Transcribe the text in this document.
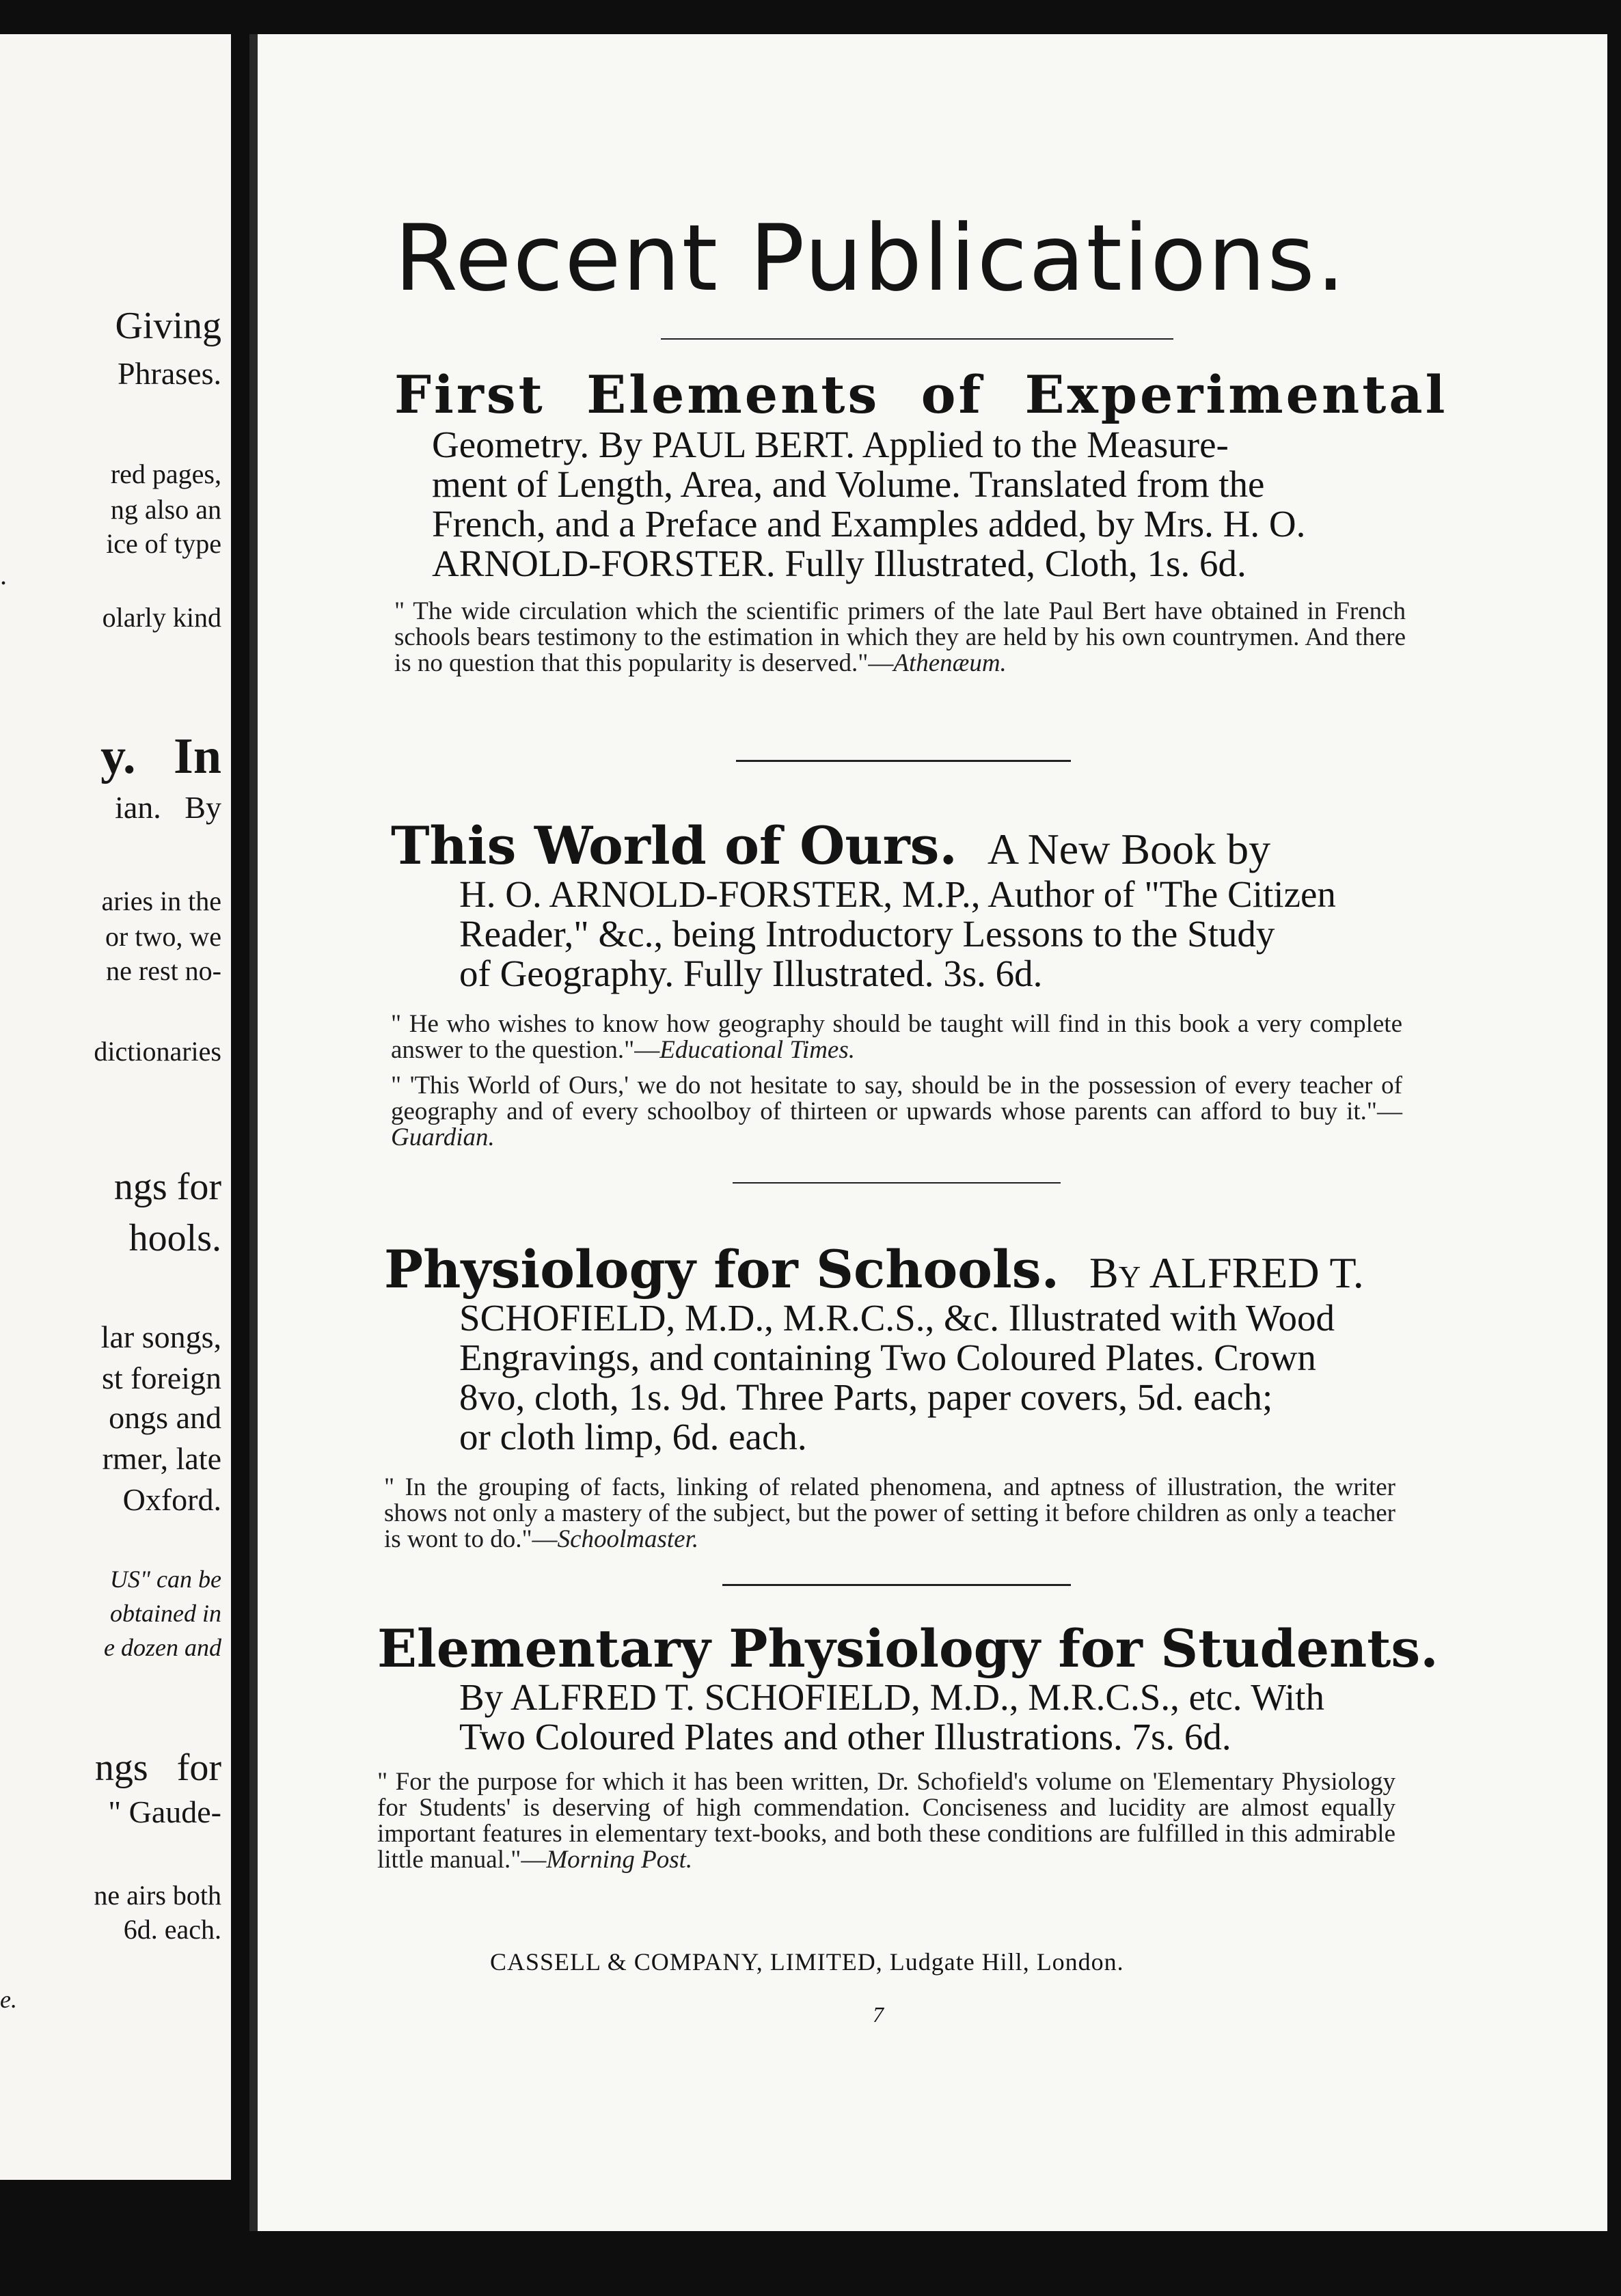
Giving
Phrases.
red pages,
ng also an
ice of type
.
olarly kind
y.   In
ian.   By
aries in the
or two, we
ne rest no-
dictionaries
ngs for
hools.
lar songs,
st foreign
ongs and
rmer, late
Oxford.
US" can be
obtained in
e dozen and
ngs   for
" Gaude-
ne airs both
6d. each.
e.
Recent Publications.
First Elements of Experimental
Geometry. By PAUL BERT. Applied to the Measure-
ment of Length, Area, and Volume. Translated from the
French, and a Preface and Examples added, by Mrs. H. O.
ARNOLD-FORSTER. Fully Illustrated, Cloth, 1s. 6d.
" The wide circulation which the scientific primers of the late Paul Bert have obtained in French schools bears testimony to the estimation in which they are held by his own countrymen. And there is no question that this popularity is deserved."—Athenæum.
This World of Ours. A New Book by
H. O. ARNOLD-FORSTER, M.P., Author of "The Citizen
Reader," &c., being Introductory Lessons to the Study
of Geography. Fully Illustrated. 3s. 6d.
" He who wishes to know how geography should be taught will find in this book a very complete answer to the question."—Educational Times.
" 'This World of Ours,' we do not hesitate to say, should be in the possession of every teacher of geography and of every schoolboy of thirteen or upwards whose parents can afford to buy it."—Guardian.
Physiology for Schools. By ALFRED T.
SCHOFIELD, M.D., M.R.C.S., &c. Illustrated with Wood
Engravings, and containing Two Coloured Plates. Crown
8vo, cloth, 1s. 9d. Three Parts, paper covers, 5d. each;
or cloth limp, 6d. each.
" In the grouping of facts, linking of related phenomena, and aptness of illustration, the writer shows not only a mastery of the subject, but the power of setting it before children as only a teacher is wont to do."—Schoolmaster.
Elementary Physiology for Students.
By ALFRED T. SCHOFIELD, M.D., M.R.C.S., etc. With
Two Coloured Plates and other Illustrations. 7s. 6d.
" For the purpose for which it has been written, Dr. Schofield's volume on 'Elementary Physiology for Students' is deserving of high commendation. Conciseness and lucidity are almost equally important features in elementary text-books, and both these conditions are fulfilled in this admirable little manual."—Morning Post.
CASSELL & COMPANY, LIMITED, Ludgate Hill, London.
7
